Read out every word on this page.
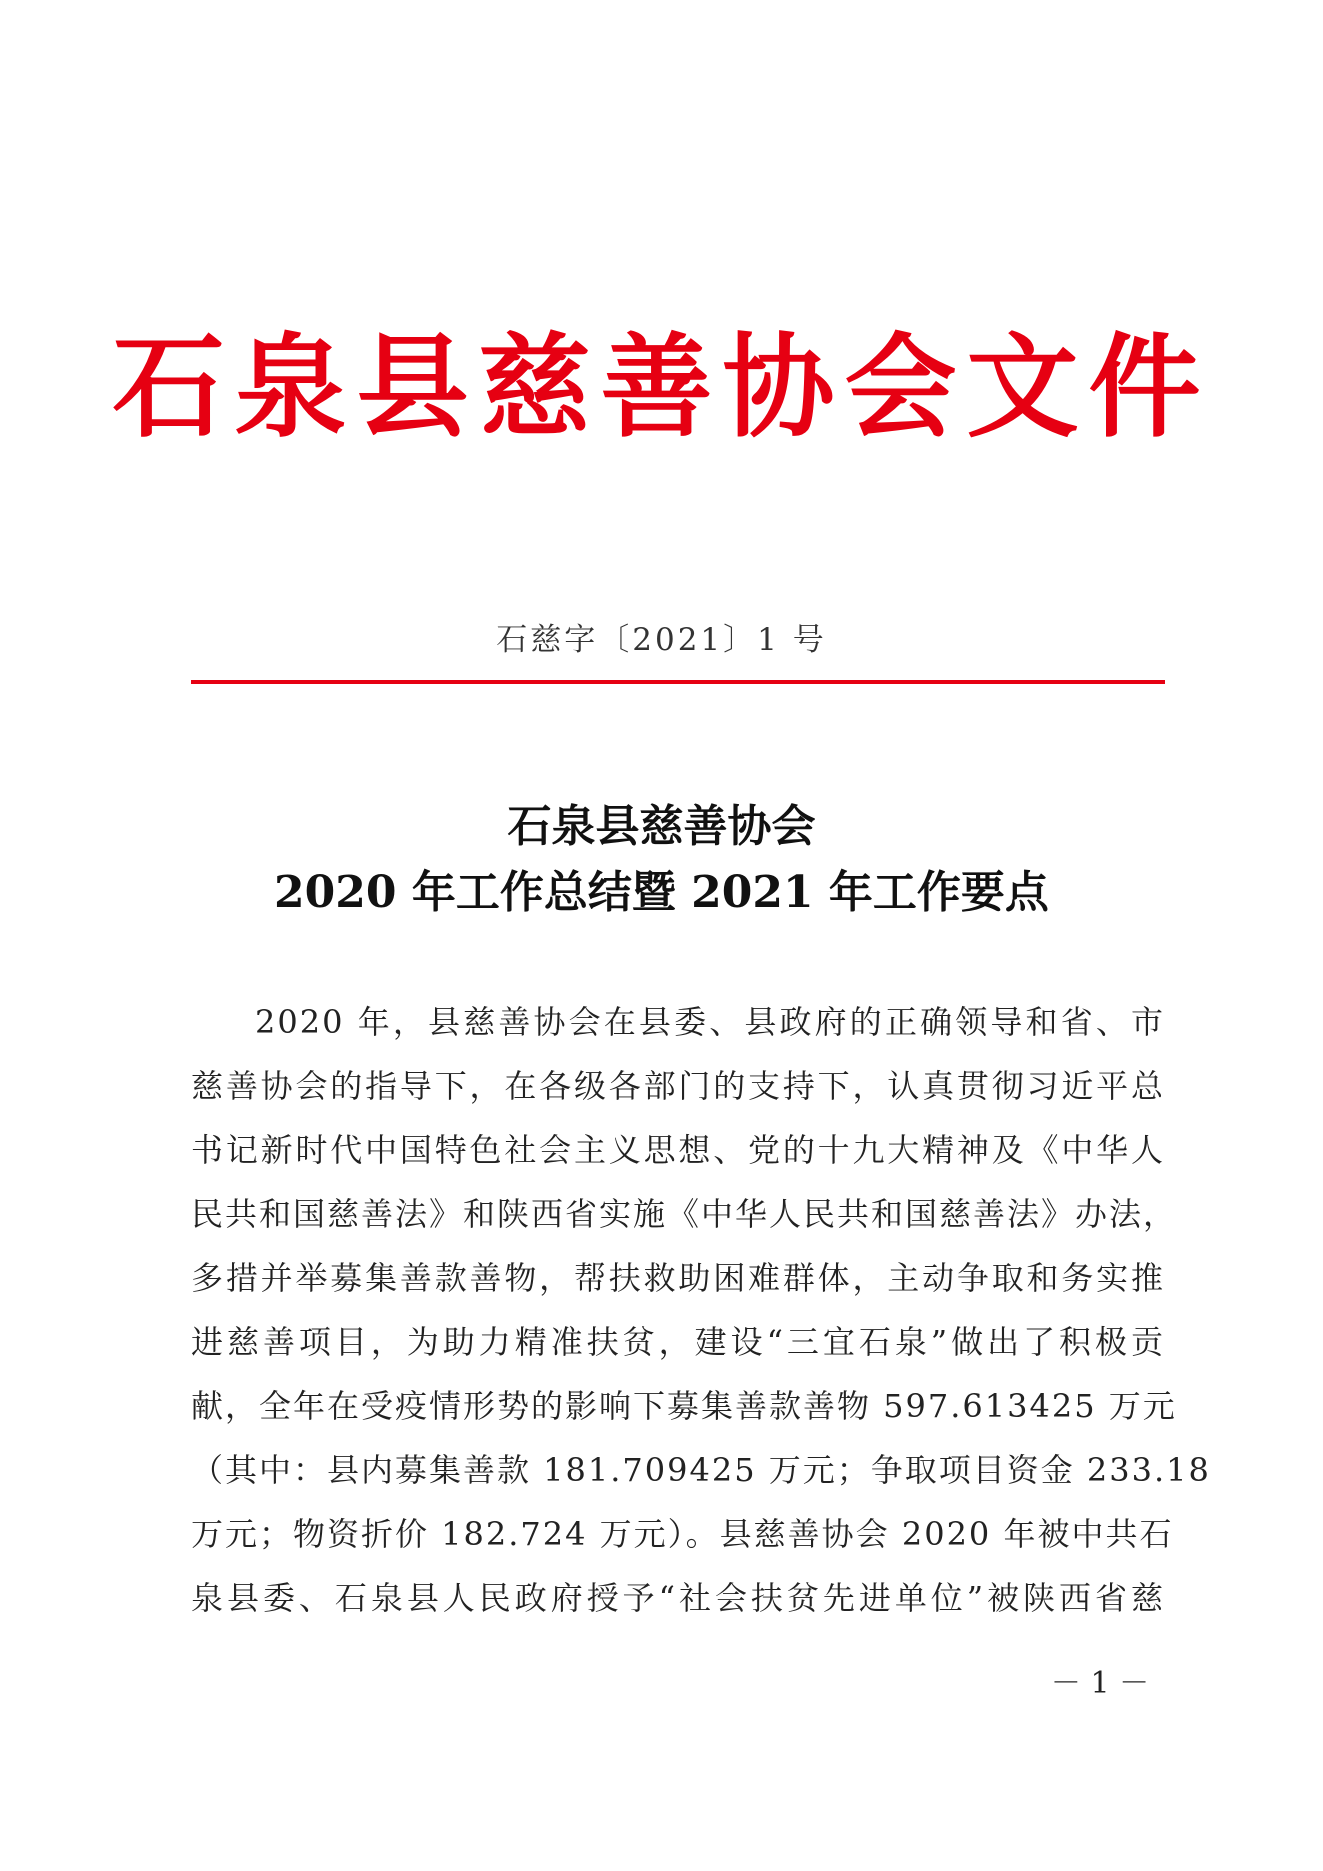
石泉县慈善协会文件
石慈字〔2021〕1 号
石泉县慈善协会
2020 年工作总结暨 2021 年工作要点
2020 年，县慈善协会在县委、县政府的正确领导和省、市
慈善协会的指导下，在各级各部门的支持下，认真贯彻习近平总
书记新时代中国特色社会主义思想、党的十九大精神及《中华人
民共和国慈善法》和陕西省实施《中华人民共和国慈善法》办法，
多措并举募集善款善物，帮扶救助困难群体，主动争取和务实推
进慈善项目，为助力精准扶贫，建设“三宜石泉”做出了积极贡
献，全年在受疫情形势的影响下募集善款善物 597.613425 万元
（其中：县内募集善款 181.709425 万元；争取项目资金 233.18
万元；物资折价 182.724 万元）。县慈善协会 2020 年被中共石
泉县委、石泉县人民政府授予“社会扶贫先进单位”被陕西省慈
－ 1 －
